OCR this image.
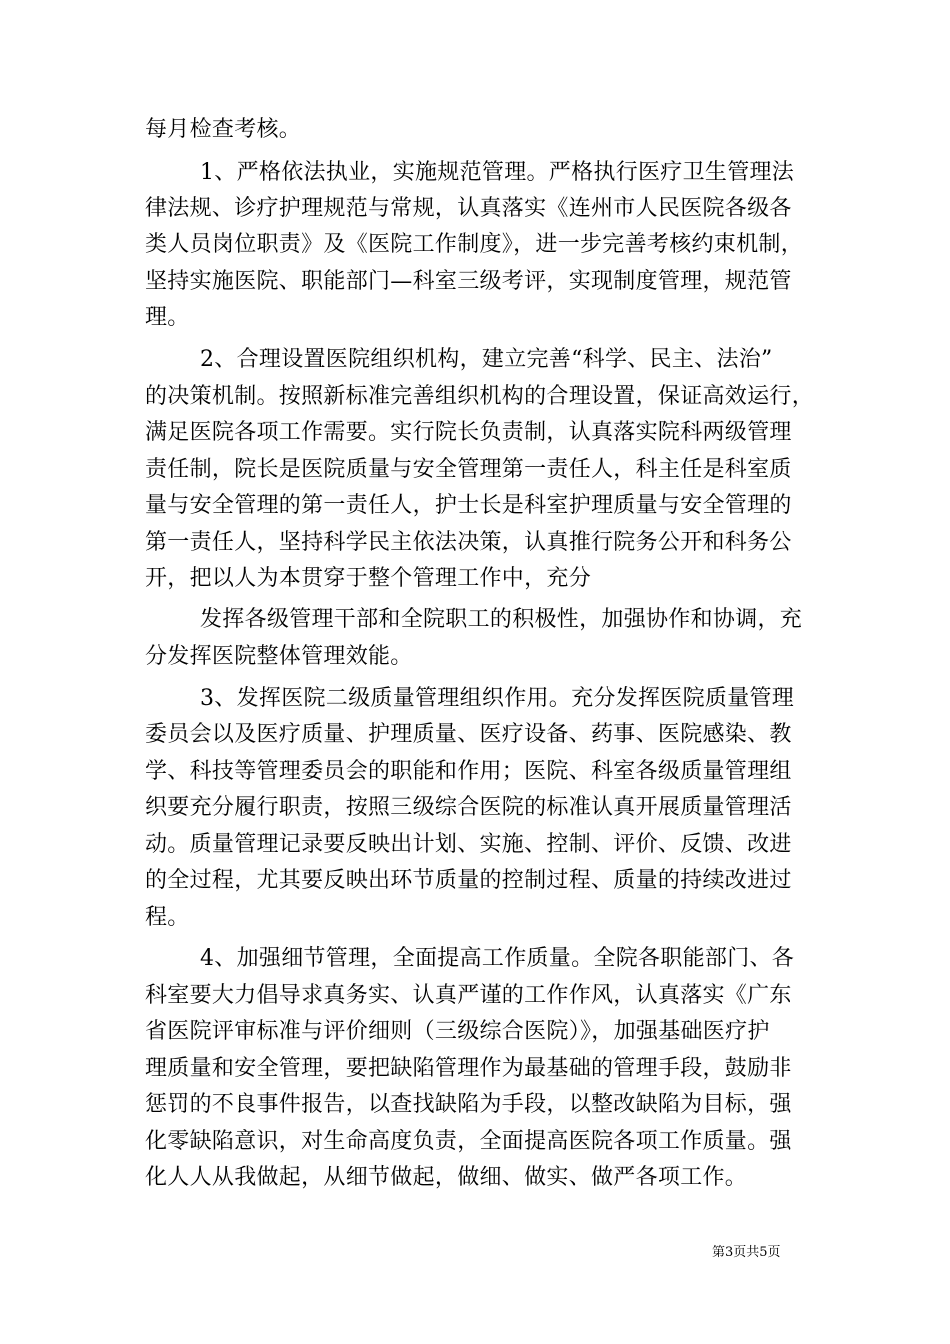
每月检查考核。
1、严格依法执业，实施规范管理。严格执行医疗卫生管理法
律法规、诊疗护理规范与常规，认真落实《连州市人民医院各级各
类人员岗位职责》及《医院工作制度》，进一步完善考核约束机制，
坚持实施医院、职能部门—科室三级考评，实现制度管理，规范管
理。
2、合理设置医院组织机构，建立完善“科学、民主、法治”
的决策机制。按照新标准完善组织机构的合理设置，保证高效运行，
满足医院各项工作需要。实行院长负责制，认真落实院科两级管理
责任制，院长是医院质量与安全管理第一责任人，科主任是科室质
量与安全管理的第一责任人，护士长是科室护理质量与安全管理的
第一责任人，坚持科学民主依法决策，认真推行院务公开和科务公
开，把以人为本贯穿于整个管理工作中，充分
发挥各级管理干部和全院职工的积极性，加强协作和协调，充
分发挥医院整体管理效能。
3、发挥医院二级质量管理组织作用。充分发挥医院质量管理
委员会以及医疗质量、护理质量、医疗设备、药事、医院感染、教
学、科技等管理委员会的职能和作用；医院、科室各级质量管理组
织要充分履行职责，按照三级综合医院的标准认真开展质量管理活
动。质量管理记录要反映出计划、实施、控制、评价、反馈、改进
的全过程，尤其要反映出环节质量的控制过程、质量的持续改进过
程。
4、加强细节管理，全面提高工作质量。全院各职能部门、各
科室要大力倡导求真务实、认真严谨的工作作风，认真落实《广东
省医院评审标准与评价细则（三级综合医院）》，加强基础医疗护
理质量和安全管理，要把缺陷管理作为最基础的管理手段，鼓励非
惩罚的不良事件报告，以查找缺陷为手段，以整改缺陷为目标，强
化零缺陷意识，对生命高度负责，全面提高医院各项工作质量。强
化人人从我做起，从细节做起，做细、做实、做严各项工作。
第3页共5页
